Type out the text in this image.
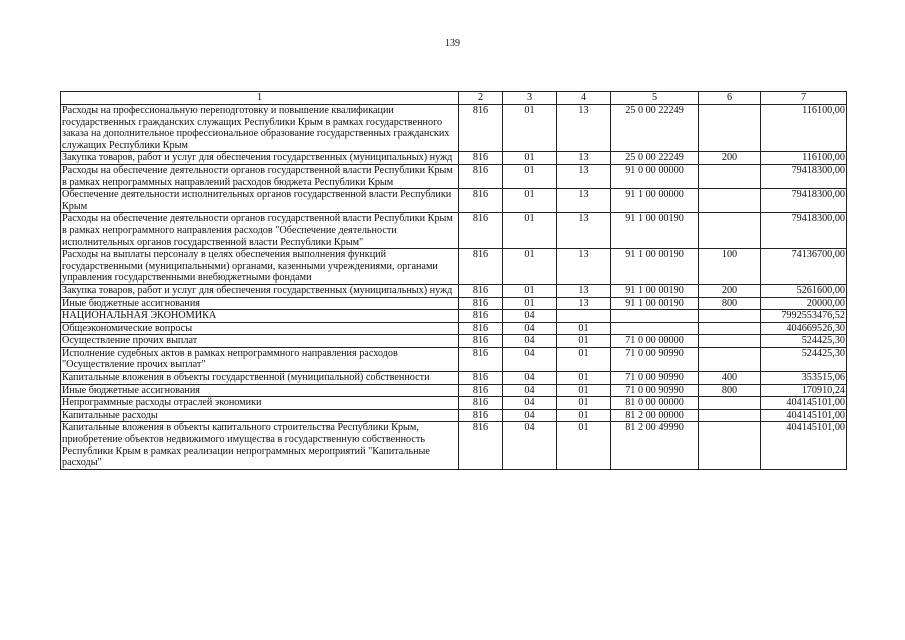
139
1	2	3	4	5	6	7
Расходы на профессиональную переподготовку и повышение квалификации государственных гражданских служащих Республики Крым в рамках государственного заказа на дополнительное профессиональное образование государственных гражданских служащих Республики Крым	816	01	13	25 0 00 22249		116100,00
Закупка товаров, работ и услуг для обеспечения государственных (муниципальных) нужд	816	01	13	25 0 00 22249	200	116100,00
Расходы на обеспечение деятельности органов государственной власти Республики Крым в рамках непрограммных направлений расходов бюджета Республики Крым	816	01	13	91 0 00 00000		79418300,00
Обеспечение деятельности исполнительных органов государственной власти Республики Крым	816	01	13	91 1 00 00000		79418300,00
Расходы на обеспечение деятельности органов государственной власти Республики Крым в рамках непрограммного направления расходов "Обеспечение деятельности исполнительных органов государственной власти Республики Крым"	816	01	13	91 1 00 00190		79418300,00
Расходы на выплаты персоналу в целях обеспечения выполнения функций государственными (муниципальными) органами, казенными учреждениями, органами управления государственными внебюджетными фондами	816	01	13	91 1 00 00190	100	74136700,00
Закупка товаров, работ и услуг для обеспечения государственных (муниципальных) нужд	816	01	13	91 1 00 00190	200	5261600,00
Иные бюджетные ассигнования	816	01	13	91 1 00 00190	800	20000,00
НАЦИОНАЛЬНАЯ ЭКОНОМИКА	816	04				7992553476,52
Общеэкономические вопросы	816	04	01			404669526,30
Осуществление прочих выплат	816	04	01	71 0 00 00000		524425,30
Исполнение судебных актов в рамках непрограммного направления расходов "Осуществление прочих выплат"	816	04	01	71 0 00 90990		524425,30
Капитальные вложения в объекты государственной (муниципальной) собственности	816	04	01	71 0 00 90990	400	353515,06
Иные бюджетные ассигнования	816	04	01	71 0 00 90990	800	170910,24
Непрограммные расходы отраслей экономики	816	04	01	81 0 00 00000		404145101,00
Капитальные расходы	816	04	01	81 2 00 00000		404145101,00
Капитальные вложения в объекты капитального строительства Республики Крым, приобретение объектов недвижимого имущества в государственную собственность Республики Крым в рамках реализации непрограммных мероприятий "Капитальные расходы"	816	04	01	81 2 00 49990		404145101,00
